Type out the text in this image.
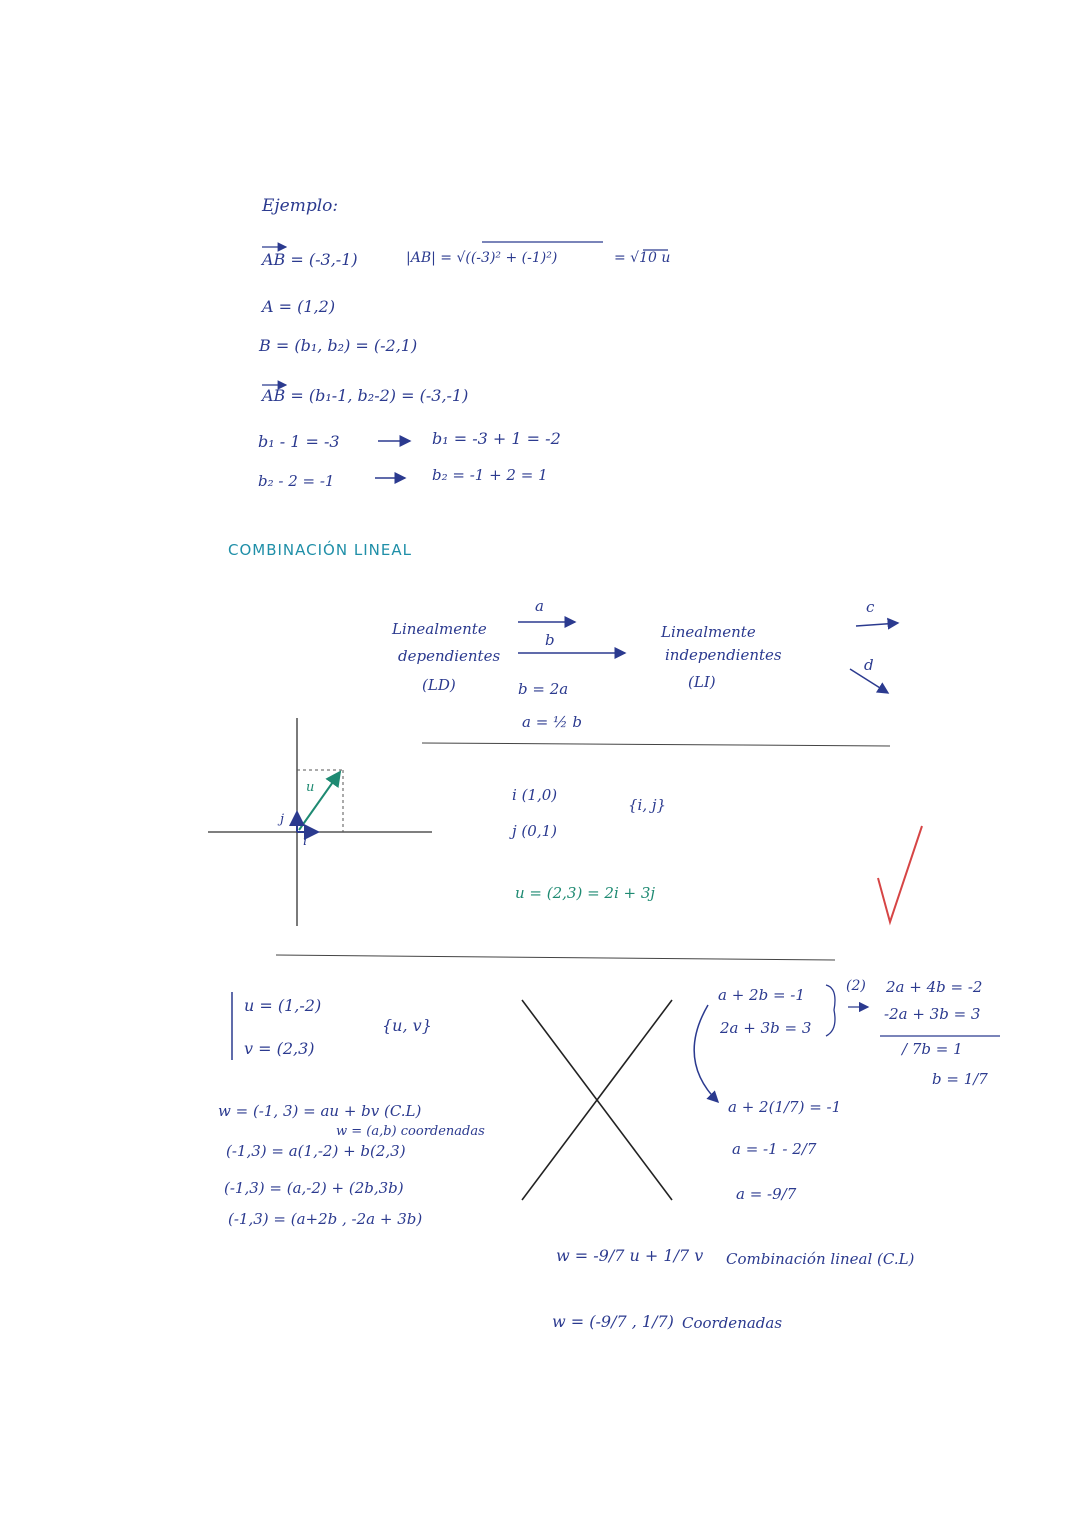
Ejemplo:
AB = (-3,-1)	|AB| = √((-3)² + (-1)²)	= √10 u
A = (1,2)
B = (b₁, b₂) = (-2,1)
AB = (b₁-1, b₂-2) = (-3,-1)
b₁ - 1 = -3	b₁ = -3 + 1 = -2
b₂ - 2 = -1	b₂ = -1 + 2 = 1
COMBINACIÓN LINEAL
Linealmente
dependientes
(LD)
a
b
b = 2a
a = ½ b
Linealmente
independientes
(LI)
c
d
i (1,0)
j (0,1)
{i, j}
u = (2,3) = 2i + 3j
u
j
i
u = (1,-2)
v = (2,3)
{u, v}
w = (-1, 3) = au + bv (C.L)
w = (a,b) coordenadas
(-1,3) = a(1,-2) + b(2,3)
(-1,3) = (a,-2) + (2b,3b)
(-1,3) = (a+2b , -2a + 3b)
a + 2b = -1
2a + 3b = 3
(2) 2a + 4b = -2
-2a + 3b = 3
/ 7b = 1
b = 1/7
a + 2(1/7) = -1
a = -1 - 2/7
a = -9/7
w = -9/7 u + 1/7 v Combinación lineal (C.L)
w = (-9/7 , 1/7) Coordenadas
